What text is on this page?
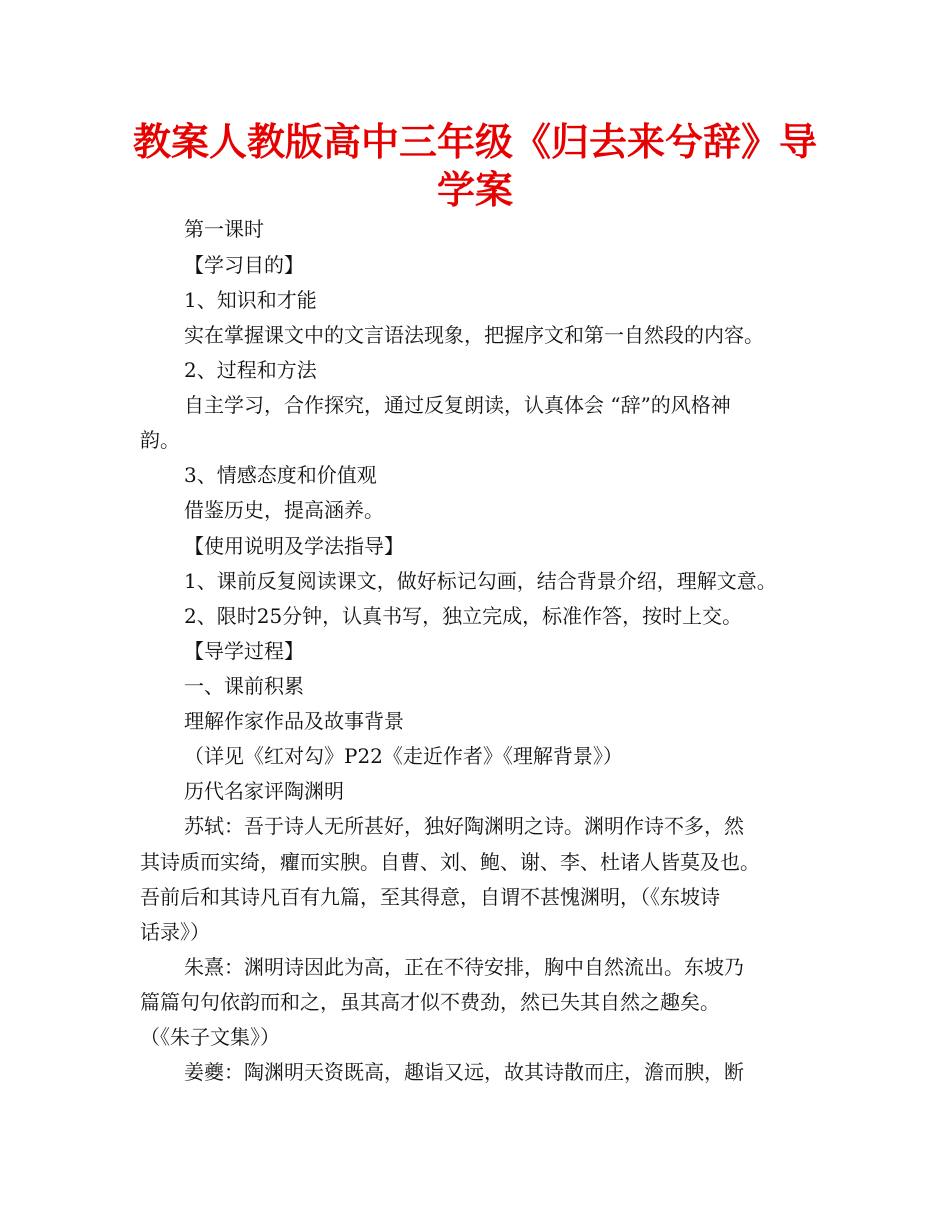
教案人教版高中三年级《归去来兮辞》导
学案
第一课时
【学习目的】
1、知识和才能
实在掌握课文中的文言语法现象，把握序文和第一自然段的内容。
2、过程和方法
自主学习，合作探究，通过反复朗读，认真体会 “辞”的风格神
韵。
3、情感态度和价值观
借鉴历史，提高涵养。
【使用说明及学法指导】
1、课前反复阅读课文，做好标记勾画，结合背景介绍，理解文意。
2、限时25分钟，认真书写，独立完成，标准作答，按时上交。
【导学过程】
一、课前积累
理解作家作品及故事背景
（详见《红对勾》P22《走近作者》《理解背景》）
历代名家评陶渊明
苏轼：吾于诗人无所甚好，独好陶渊明之诗。渊明作诗不多，然
其诗质而实绮，癯而实腴。自曹、刘、鲍、谢、李、杜诸人皆莫及也。
吾前后和其诗凡百有九篇，至其得意，自谓不甚愧渊明，（《东坡诗
话录》）
朱熹：渊明诗因此为高，正在不待安排，胸中自然流出。东坡乃
篇篇句句依韵而和之，虽其高才似不费劲，然已失其自然之趣矣。
（《朱子文集》）
姜夔：陶渊明天资既高，趣诣又远，故其诗散而庄，澹而腴，断
